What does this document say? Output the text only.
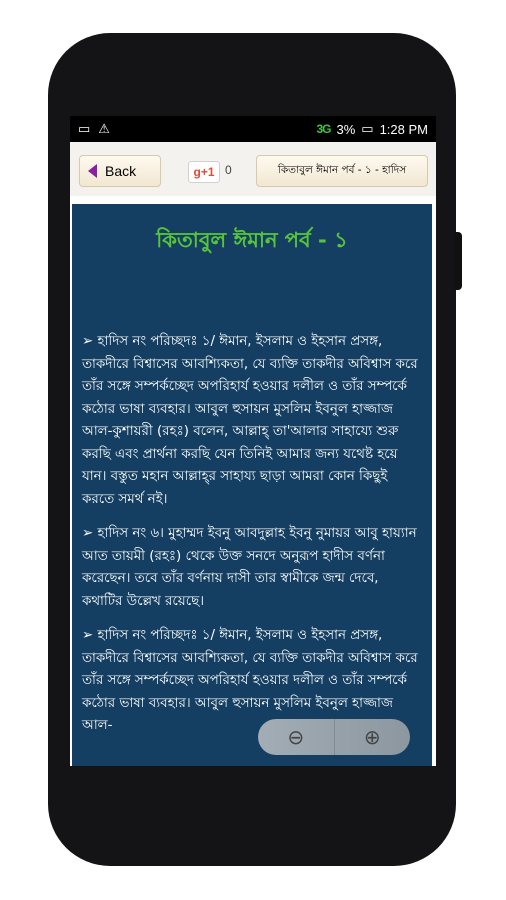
▭ ⚠	3G 3% ▭ 1:28 PM
Back	g+1 0	কিতাবুল ঈমান পর্ব - ১ - হাদিস
কিতাবুল ঈমান পর্ব - ১

➢ হাদিস নং পরিচ্ছদঃ ১/ ঈমান, ইসলাম ও ইহসান প্রসঙ্গ, তাকদীরে বিশ্বাসের আবশ্যিকতা, যে ব্যক্তি তাকদীর অবিশ্বাস করে তাঁর সঙ্গে সম্পর্কচ্ছেদ অপরিহার্য হওয়ার দলীল ও তাঁর সম্পর্কে কঠোর ভাষা ব্যবহার। আবুল হুসায়ন মুসলিম ইবনুল হাজ্জাজ আল-কুশায়রী (রহঃ) বলেন, আল্লাহ্‌ তা'আলার সাহায্যে শুরু করছি এবং প্রার্থনা করছি যেন তিনিই আমার জন্য যথেষ্ট হয়ে যান। বস্তুত মহান আল্লাহ্‌র সাহায্য ছাড়া আমরা কোন কিছুই করতে সমর্থ নই।

➢ হাদিস নং ৬। মুহাম্মদ ইবনু আবদুল্লাহ ইবনু নুমায়র আবু হায়্যান আত তায়মী (রহঃ) থেকে উক্ত সনদে অনুরূপ হাদীস বর্ণনা করেছেন। তবে তাঁর বর্ণনায় দাসী তার স্বামীকে জন্ম দেবে, কথাটির উল্লেখ রয়েছে।

➢ হাদিস নং পরিচ্ছদঃ ১/ ঈমান, ইসলাম ও ইহসান প্রসঙ্গ, তাকদীরে বিশ্বাসের আবশ্যিকতা, যে ব্যক্তি তাকদীর অবিশ্বাস করে তাঁর সঙ্গে সম্পর্কচ্ছেদ অপরিহার্য হওয়ার দলীল ও তাঁর সম্পর্কে কঠোর ভাষা ব্যবহার। আবুল হুসায়ন মুসলিম ইবনুল হাজ্জাজ আল-	⊖	⊕
